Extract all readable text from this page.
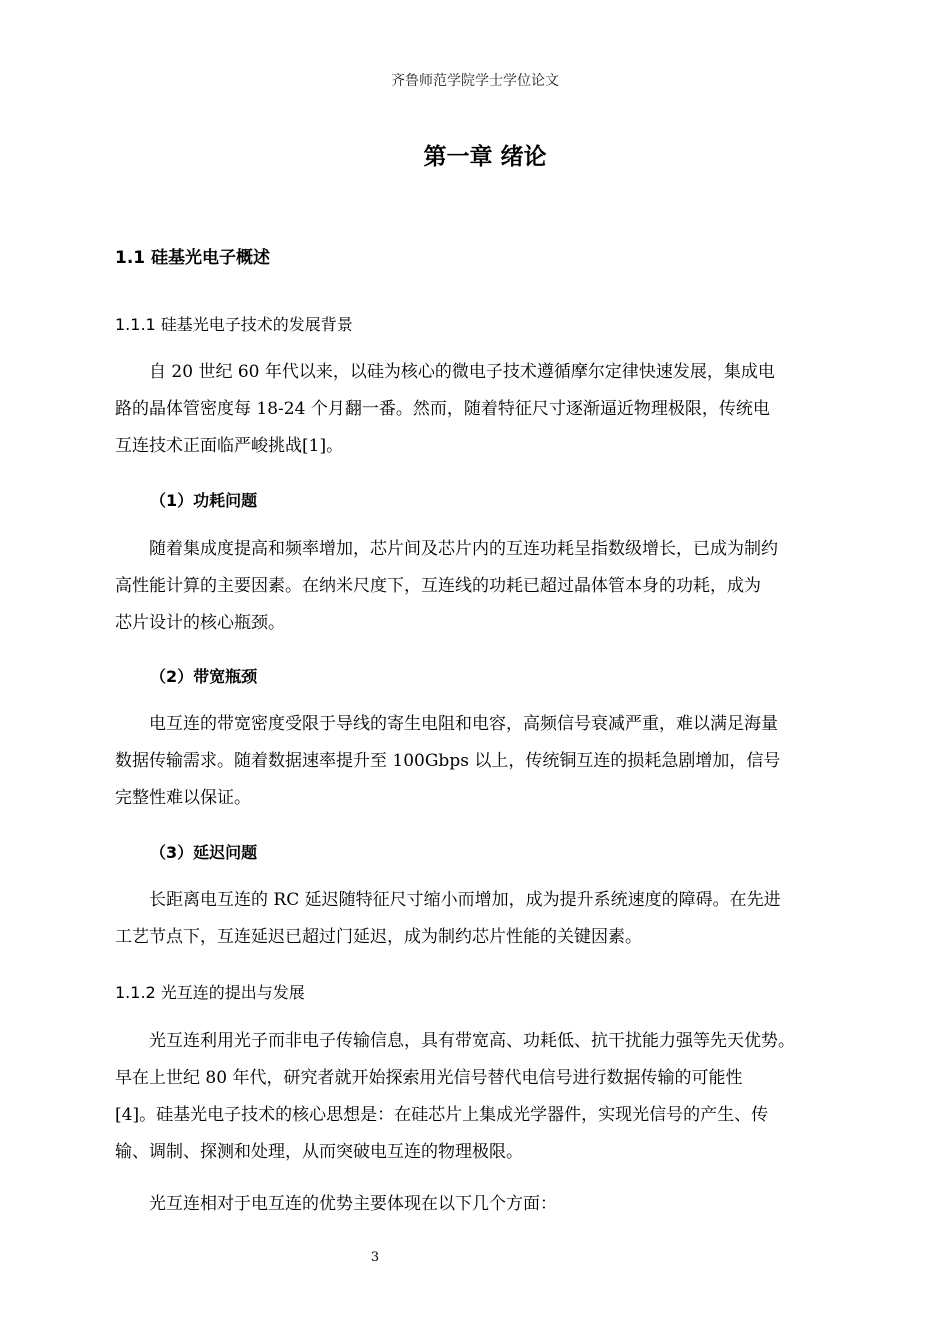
齐鲁师范学院学士学位论文
第一章 绪论
1.1 硅基光电子概述
1.1.1 硅基光电子技术的发展背景
自 20 世纪 60 年代以来，以硅为核心的微电子技术遵循摩尔定律快速发展，集成电
路的晶体管密度每 18-24 个月翻一番。然而，随着特征尺寸逐渐逼近物理极限，传统电
互连技术正面临严峻挑战[1]。
（1）功耗问题
随着集成度提高和频率增加，芯片间及芯片内的互连功耗呈指数级增长，已成为制约
高性能计算的主要因素。在纳米尺度下，互连线的功耗已超过晶体管本身的功耗，成为
芯片设计的核心瓶颈。
（2）带宽瓶颈
电互连的带宽密度受限于导线的寄生电阻和电容，高频信号衰减严重，难以满足海量
数据传输需求。随着数据速率提升至 100Gbps 以上，传统铜互连的损耗急剧增加，信号
完整性难以保证。
（3）延迟问题
长距离电互连的 RC 延迟随特征尺寸缩小而增加，成为提升系统速度的障碍。在先进
工艺节点下，互连延迟已超过门延迟，成为制约芯片性能的关键因素。
1.1.2 光互连的提出与发展
光互连利用光子而非电子传输信息，具有带宽高、功耗低、抗干扰能力强等先天优势。
早在上世纪 80 年代，研究者就开始探索用光信号替代电信号进行数据传输的可能性
[4]。硅基光电子技术的核心思想是：在硅芯片上集成光学器件，实现光信号的产生、传
输、调制、探测和处理，从而突破电互连的物理极限。
光互连相对于电互连的优势主要体现在以下几个方面：
3
